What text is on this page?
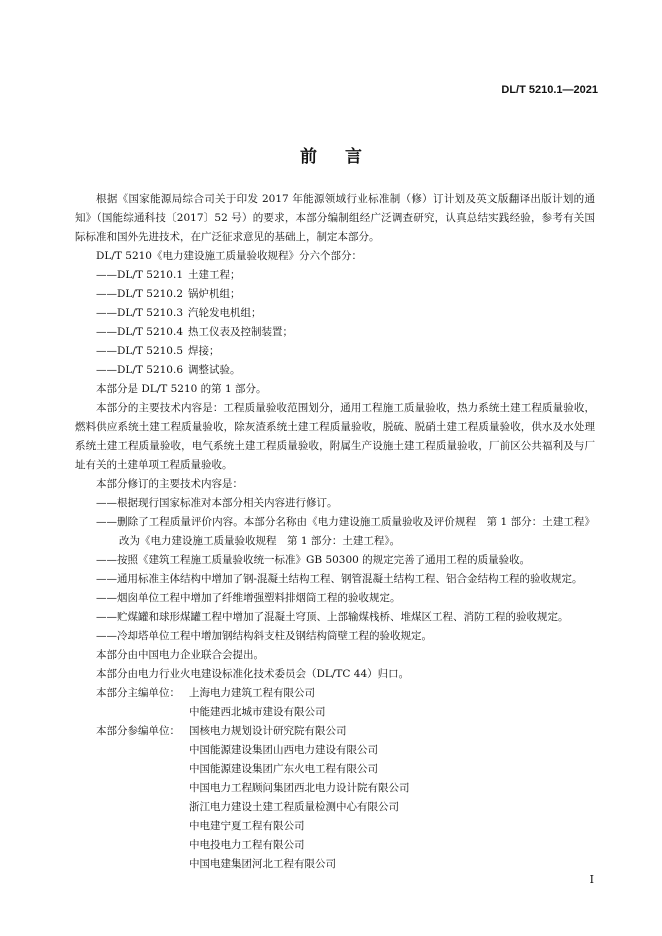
DL/T 5210.1—2021
前言

根据《国家能源局综合司关于印发 2017 年能源领域行业标准制（修）订计划及英文版翻译出版计划的通知》（国能综通科技〔2017〕52 号）的要求，本部分编制组经广泛调查研究，认真总结实践经验，参考有关国际标准和国外先进技术，在广泛征求意见的基础上，制定本部分。

DL/T 5210《电力建设施工质量验收规程》分六个部分：

——DL/T 5210.1 土建工程；
——DL/T 5210.2 锅炉机组；
——DL/T 5210.3 汽轮发电机组；
——DL/T 5210.4 热工仪表及控制装置；
——DL/T 5210.5 焊接；
——DL/T 5210.6 调整试验。

本部分是 DL/T 5210 的第 1 部分。

本部分的主要技术内容是：工程质量验收范围划分，通用工程施工质量验收，热力系统土建工程质量验收，燃料供应系统土建工程质量验收，除灰渣系统土建工程质量验收，脱硫、脱硝土建工程质量验收，供水及水处理系统土建工程质量验收，电气系统土建工程质量验收，附属生产设施土建工程质量验收，厂前区公共福利及与厂址有关的土建单项工程质量验收。

本部分修订的主要技术内容是：

——根据现行国家标准对本部分相关内容进行修订。

——删除了工程质量评价内容。本部分名称由《电力建设施工质量验收及评价规程　第 1 部分：土建工程》改为《电力建设施工质量验收规程　第 1 部分：土建工程》。

——按照《建筑工程施工质量验收统一标准》GB 50300 的规定完善了通用工程的质量验收。

——通用标准主体结构中增加了钢-混凝土结构工程、钢管混凝土结构工程、铝合金结构工程的验收规定。

——烟囱单位工程中增加了纤维增强塑料排烟筒工程的验收规定。

——贮煤罐和球形煤罐工程中增加了混凝土穹顶、上部输煤栈桥、堆煤区工程、消防工程的验收规定。

——冷却塔单位工程中增加钢结构斜支柱及钢结构筒壁工程的验收规定。

本部分由中国电力企业联合会提出。

本部分由电力行业火电建设标准化技术委员会（DL/TC 44）归口。

本部分主编单位： 上海电力建筑工程有限公司
中能建西北城市建设有限公司
本部分参编单位： 国核电力规划设计研究院有限公司
中国能源建设集团山西电力建设有限公司
中国能源建设集团广东火电工程有限公司
中国电力工程顾问集团西北电力设计院有限公司
浙江电力建设土建工程质量检测中心有限公司
中电建宁夏工程有限公司
中电投电力工程有限公司
中国电建集团河北工程有限公司
I
